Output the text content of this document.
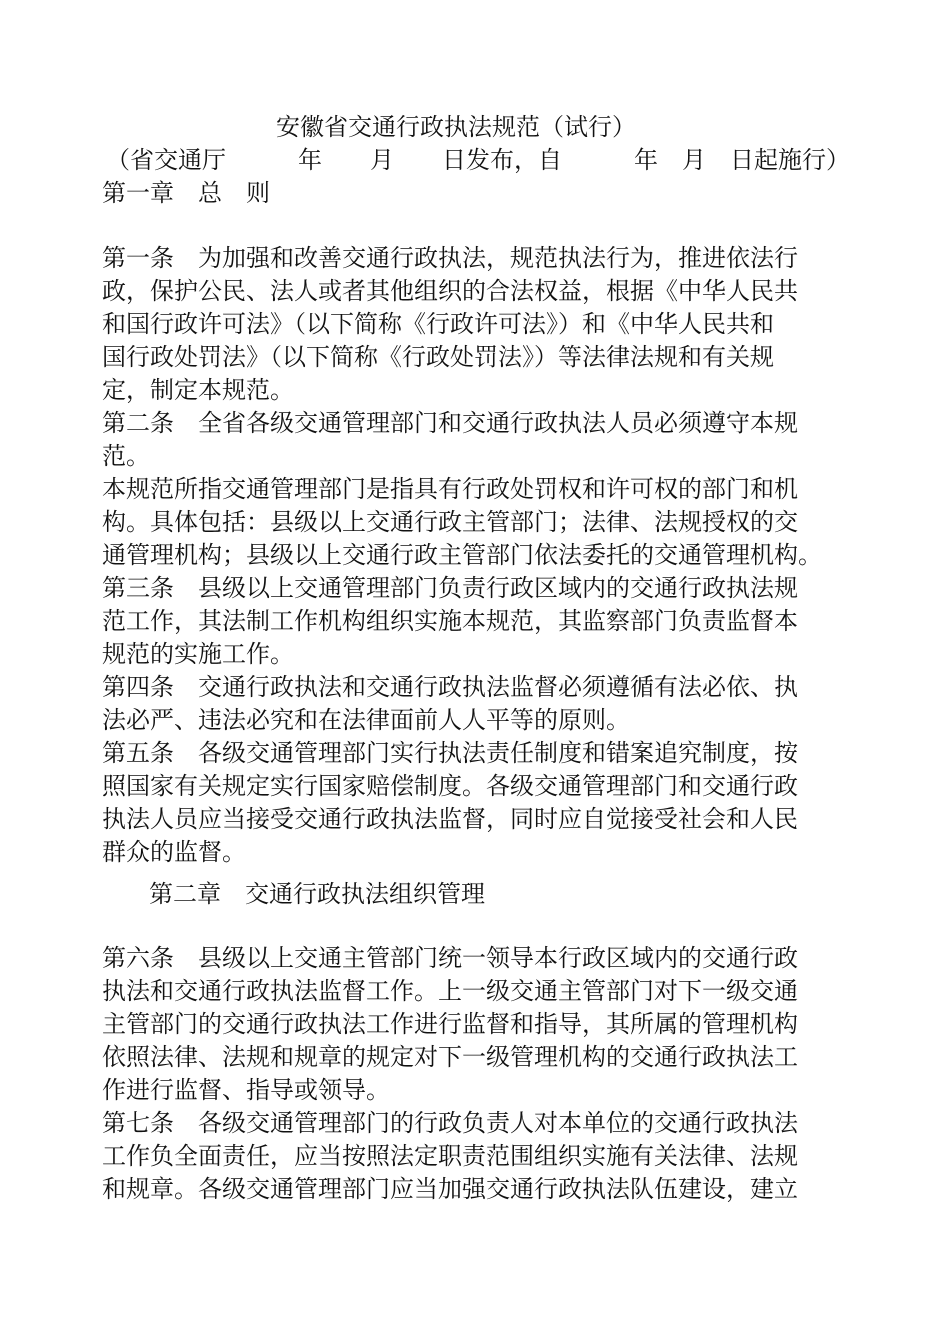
安徽省交通行政执法规范（试行）
（省交通厅　　　年　　月　　日发布，自　　　年　月　日起施行）
第一章　总　则
第一条　为加强和改善交通行政执法，规范执法行为，推进依法行
政，保护公民、法人或者其他组织的合法权益，根据《中华人民共
和国行政许可法》（以下简称《行政许可法》）和《中华人民共和
国行政处罚法》（以下简称《行政处罚法》）等法律法规和有关规
定，制定本规范。
第二条　全省各级交通管理部门和交通行政执法人员必须遵守本规
范。
本规范所指交通管理部门是指具有行政处罚权和许可权的部门和机
构。具体包括：县级以上交通行政主管部门；法律、法规授权的交
通管理机构；县级以上交通行政主管部门依法委托的交通管理机构。
第三条　县级以上交通管理部门负责行政区域内的交通行政执法规
范工作，其法制工作机构组织实施本规范，其监察部门负责监督本
规范的实施工作。
第四条　交通行政执法和交通行政执法监督必须遵循有法必依、执
法必严、违法必究和在法律面前人人平等的原则。
第五条　各级交通管理部门实行执法责任制度和错案追究制度，按
照国家有关规定实行国家赔偿制度。各级交通管理部门和交通行政
执法人员应当接受交通行政执法监督，同时应自觉接受社会和人民
群众的监督。
第二章　交通行政执法组织管理
第六条　县级以上交通主管部门统一领导本行政区域内的交通行政
执法和交通行政执法监督工作。上一级交通主管部门对下一级交通
主管部门的交通行政执法工作进行监督和指导，其所属的管理机构
依照法律、法规和规章的规定对下一级管理机构的交通行政执法工
作进行监督、指导或领导。
第七条　各级交通管理部门的行政负责人对本单位的交通行政执法
工作负全面责任，应当按照法定职责范围组织实施有关法律、法规
和规章。各级交通管理部门应当加强交通行政执法队伍建设，建立
